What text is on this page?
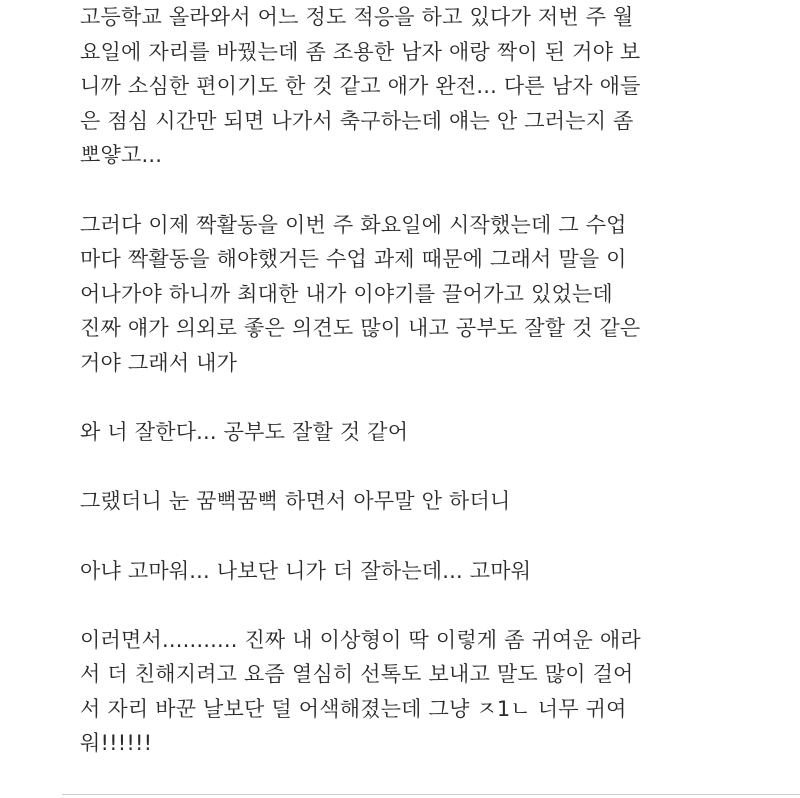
고등학교 올라와서 어느 정도 적응을 하고 있다가 저번 주 월
요일에 자리를 바꿨는데 좀 조용한 남자 애랑 짝이 된 거야 보
니까 소심한 편이기도 한 것 같고 애가 완전... 다른 남자 애들
은 점심 시간만 되면 나가서 축구하는데 얘는 안 그러는지 좀
뽀얗고...
그러다 이제 짝활동을 이번 주 화요일에 시작했는데 그 수업
마다 짝활동을 해야했거든 수업 과제 때문에 그래서 말을 이
어나가야 하니까 최대한 내가 이야기를 끌어가고 있었는데
진짜 얘가 의외로 좋은 의견도 많이 내고 공부도 잘할 것 같은
거야 그래서 내가
와 너 잘한다... 공부도 잘할 것 같어
그랬더니 눈 꿈뻑꿈뻑 하면서 아무말 안 하더니
아냐 고마워... 나보단 니가 더 잘하는데... 고마워
이러면서........... 진짜 내 이상형이 딱 이렇게 좀 귀여운 애라
서 더 친해지려고 요즘 열심히 선톡도 보내고 말도 많이 걸어
서 자리 바꾼 날보단 덜 어색해졌는데 그냥 ㅈ1ㄴ 너무 귀여
워!!!!!!
